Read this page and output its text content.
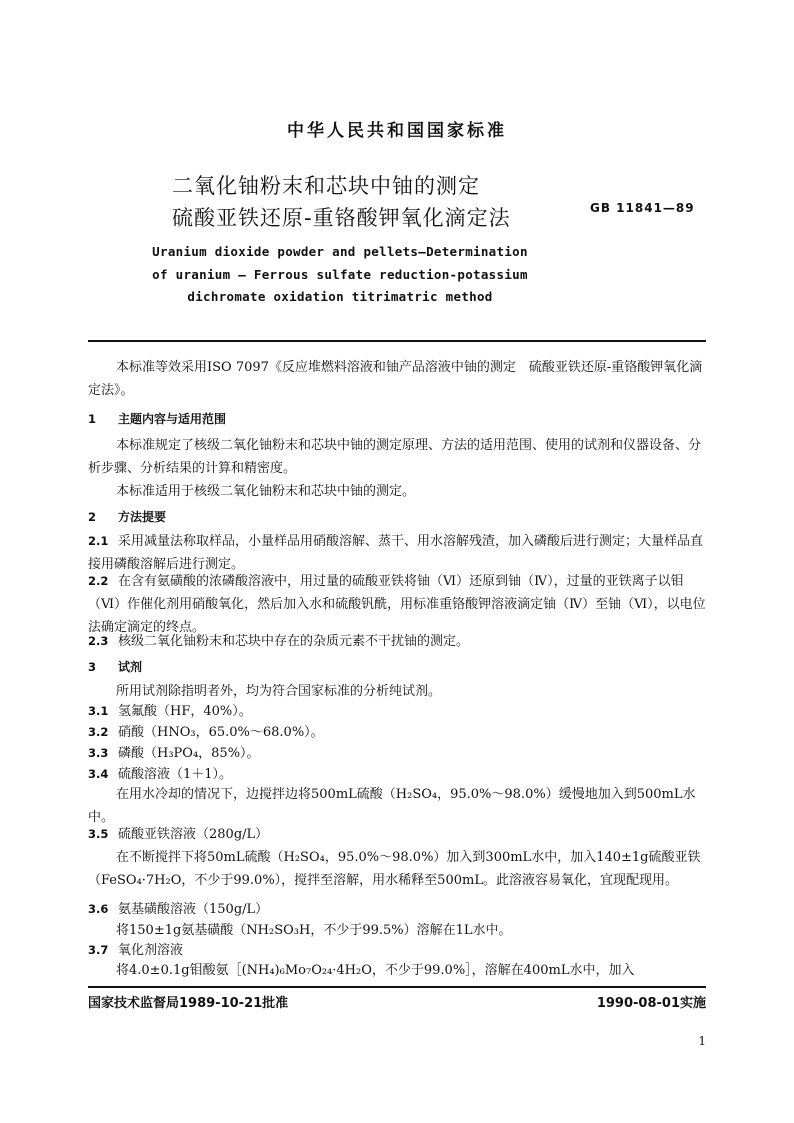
中华人民共和国国家标准
二氧化铀粉末和芯块中铀的测定
硫酸亚铁还原-重铬酸钾氧化滴定法	GB 11841—89
Uranium dioxide powder and pellets—Determination
of uranium — Ferrous sulfate reduction-potassium
dichromate oxidation titrimatric method
本标准等效采用ISO 7097《反应堆燃料溶液和铀产品溶液中铀的测定　硫酸亚铁还原-重铬酸钾氧化滴定法》。
1 主题内容与适用范围
本标准规定了核级二氧化铀粉末和芯块中铀的测定原理、方法的适用范围、使用的试剂和仪器设备、分析步骤、分析结果的计算和精密度。
本标准适用于核级二氧化铀粉末和芯块中铀的测定。
2 方法提要
2.1 采用减量法称取样品，小量样品用硝酸溶解、蒸干、用水溶解残渣，加入磷酸后进行测定；大量样品直接用磷酸溶解后进行测定。
2.2 在含有氨磺酸的浓磷酸溶液中，用过量的硫酸亚铁将铀（Ⅵ）还原到铀（Ⅳ），过量的亚铁离子以钼（Ⅵ）作催化剂用硝酸氧化，然后加入水和硫酸钒酰，用标准重铬酸钾溶液滴定铀（Ⅳ）至铀（Ⅵ），以电位法确定滴定的终点。
2.3 核级二氧化铀粉末和芯块中存在的杂质元素不干扰铀的测定。
3 试剂
所用试剂除指明者外，均为符合国家标准的分析纯试剂。
3.1 氢氟酸（HF，40%）。
3.2 硝酸（HNO₃，65.0%～68.0%）。
3.3 磷酸（H₃PO₄，85%）。
3.4 硫酸溶液（1＋1）。
在用水冷却的情况下，边搅拌边将500mL硫酸（H₂SO₄，95.0%～98.0%）缓慢地加入到500mL水中。
3.5 硫酸亚铁溶液（280g/L）
在不断搅拌下将50mL硫酸（H₂SO₄，95.0%～98.0%）加入到300mL水中，加入140±1g硫酸亚铁（FeSO₄·7H₂O，不少于99.0%），搅拌至溶解，用水稀释至500mL。此溶液容易氧化，宜现配现用。
3.6 氨基磺酸溶液（150g/L）
将150±1g氨基磺酸（NH₂SO₃H，不少于99.5%）溶解在1L水中。
3.7 氧化剂溶液
将4.0±0.1g钼酸氨［(NH₄)₆Mo₇O₂₄·4H₂O，不少于99.0%］，溶解在400mL水中，加入
国家技术监督局1989-10-21批准	1990-08-01实施
1
